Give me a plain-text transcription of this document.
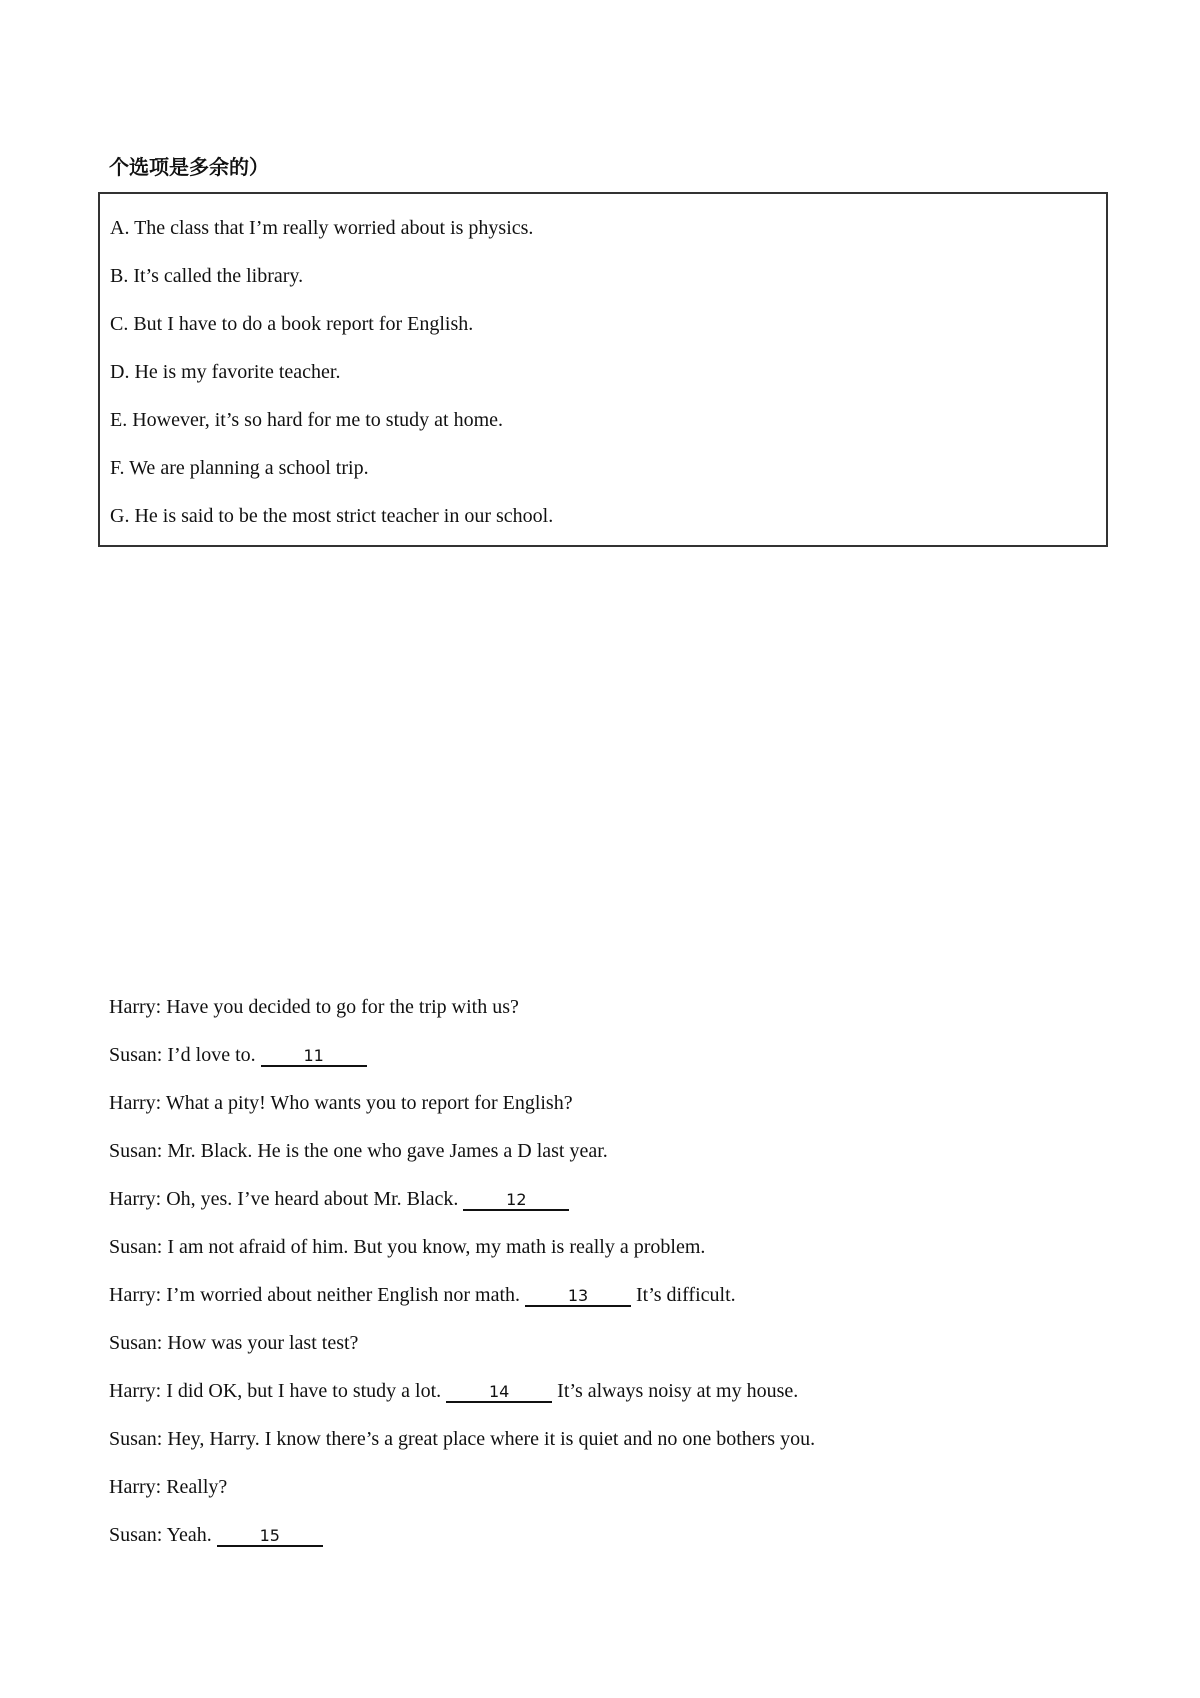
个选项是多余的）

A. The class that I’m really worried about is physics.

B. It’s called the library.

C. But I have to do a book report for English.

D. He is my favorite teacher.

E. However, it’s so hard for me to study at home.

F. We are planning a school trip.

G. He is said to be the most strict teacher in our school.

Harry: Have you decided to go for the trip with us?

Susan: I’d love to.	11

Harry: What a pity! Who wants you to report for English?

Susan: Mr. Black. He is the one who gave James a D last year.

Harry: Oh, yes. I’ve heard about Mr. Black.	12

Susan: I am not afraid of him. But you know, my math is really a problem.

Harry: I’m worried about neither English nor math.	13 It’s difficult.

Susan: How was your last test?

Harry: I did OK, but I have to study a lot.	14 It’s always noisy at my house.

Susan: Hey, Harry. I know there’s a great place where it is quiet and no one bothers you.

Harry: Really?

Susan: Yeah.	15
